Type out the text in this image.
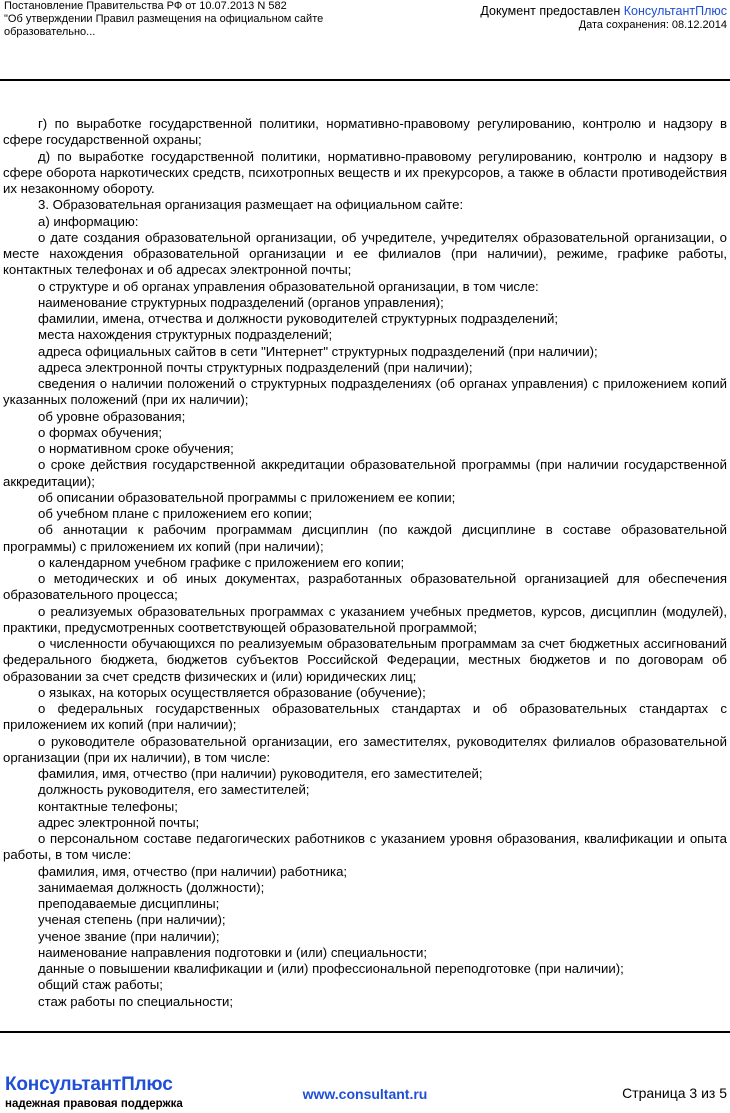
Постановление Правительства РФ от 10.07.2013 N 582
"Об утверждении Правил размещения на официальном сайте
образовательно...
Документ предоставлен КонсультантПлюс
Дата сохранения: 08.12.2014

г) по выработке государственной политики, нормативно-правовому регулированию, контролю и надзору в сфере государственной охраны;

д) по выработке государственной политики, нормативно-правовому регулированию, контролю и надзору в сфере оборота наркотических средств, психотропных веществ и их прекурсоров, а также в области противодействия их незаконному обороту.

3. Образовательная организация размещает на официальном сайте:

а) информацию:

о дате создания образовательной организации, об учредителе, учредителях образовательной организации, о месте нахождения образовательной организации и ее филиалов (при наличии), режиме, графике работы, контактных телефонах и об адресах электронной почты;

о структуре и об органах управления образовательной организации, в том числе:

наименование структурных подразделений (органов управления);

фамилии, имена, отчества и должности руководителей структурных подразделений;

места нахождения структурных подразделений;

адреса официальных сайтов в сети "Интернет" структурных подразделений (при наличии);

адреса электронной почты структурных подразделений (при наличии);

сведения о наличии положений о структурных подразделениях (об органах управления) с приложением копий указанных положений (при их наличии);

об уровне образования;

о формах обучения;

о нормативном сроке обучения;

о сроке действия государственной аккредитации образовательной программы (при наличии государственной аккредитации);

об описании образовательной программы с приложением ее копии;

об учебном плане с приложением его копии;

об аннотации к рабочим программам дисциплин (по каждой дисциплине в составе образовательной программы) с приложением их копий (при наличии);

о календарном учебном графике с приложением его копии;

о методических и об иных документах, разработанных образовательной организацией для обеспечения образовательного процесса;

о реализуемых образовательных программах с указанием учебных предметов, курсов, дисциплин (модулей), практики, предусмотренных соответствующей образовательной программой;

о численности обучающихся по реализуемым образовательным программам за счет бюджетных ассигнований федерального бюджета, бюджетов субъектов Российской Федерации, местных бюджетов и по договорам об образовании за счет средств физических и (или) юридических лиц;

о языках, на которых осуществляется образование (обучение);

о федеральных государственных образовательных стандартах и об образовательных стандартах с приложением их копий (при наличии);

о руководителе образовательной организации, его заместителях, руководителях филиалов образовательной организации (при их наличии), в том числе:

фамилия, имя, отчество (при наличии) руководителя, его заместителей;

должность руководителя, его заместителей;

контактные телефоны;

адрес электронной почты;

о персональном составе педагогических работников с указанием уровня образования, квалификации и опыта работы, в том числе:

фамилия, имя, отчество (при наличии) работника;

занимаемая должность (должности);

преподаваемые дисциплины;

ученая степень (при наличии);

ученое звание (при наличии);

наименование направления подготовки и (или) специальности;

данные о повышении квалификации и (или) профессиональной переподготовке (при наличии);

общий стаж работы;

стаж работы по специальности;

КонсультантПлюс
надежная правовая поддержка
www.consultant.ru	Страница 3 из 5
